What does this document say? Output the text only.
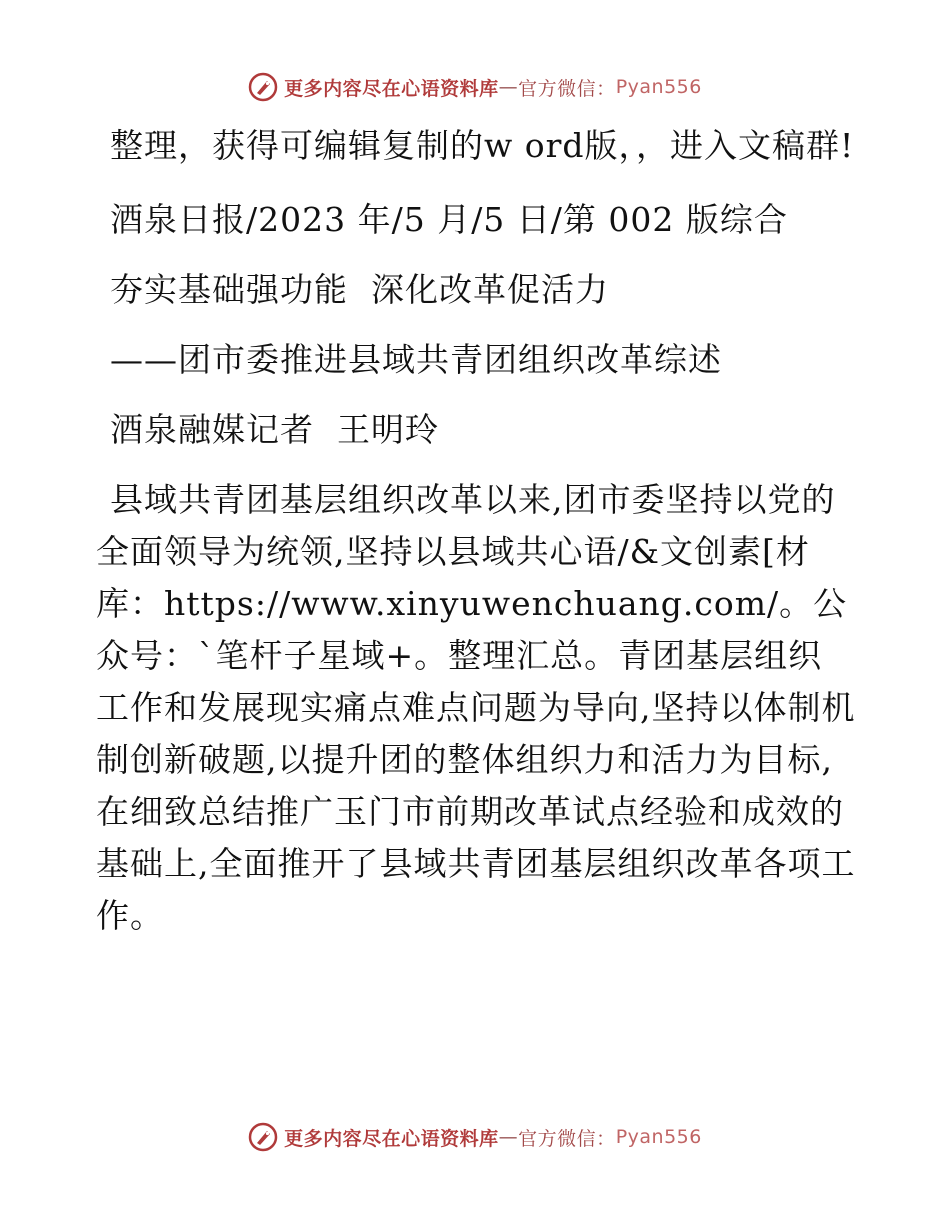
更多内容尽在心语资料库 — 官方微信： Pyan556

整理，获得可编辑复制的w ord版，，进入文稿群!

酒泉日报/2023 年/5 月/5 日/第 002 版综合

夯实基础强功能  深化改革促活力

——团市委推进县域共青团组织改革综述

酒泉融媒记者  王明玲

县域共青团基层组织改革以来,团市委坚持以党的全面领导为统领,坚持以县域共心语/&文创素[材库：https://www.xinyuwenchuang.com/。公众号：`笔杆子星域+。整理汇总。青团基层组织工作和发展现实痛点难点问题为导向,坚持以体制机制创新破题,以提升团的整体组织力和活力为目标,在细致总结推广玉门市前期改革试点经验和成效的基础上,全面推开了县域共青团基层组织改革各项工作。

更多内容尽在心语资料库 — 官方微信： Pyan556
